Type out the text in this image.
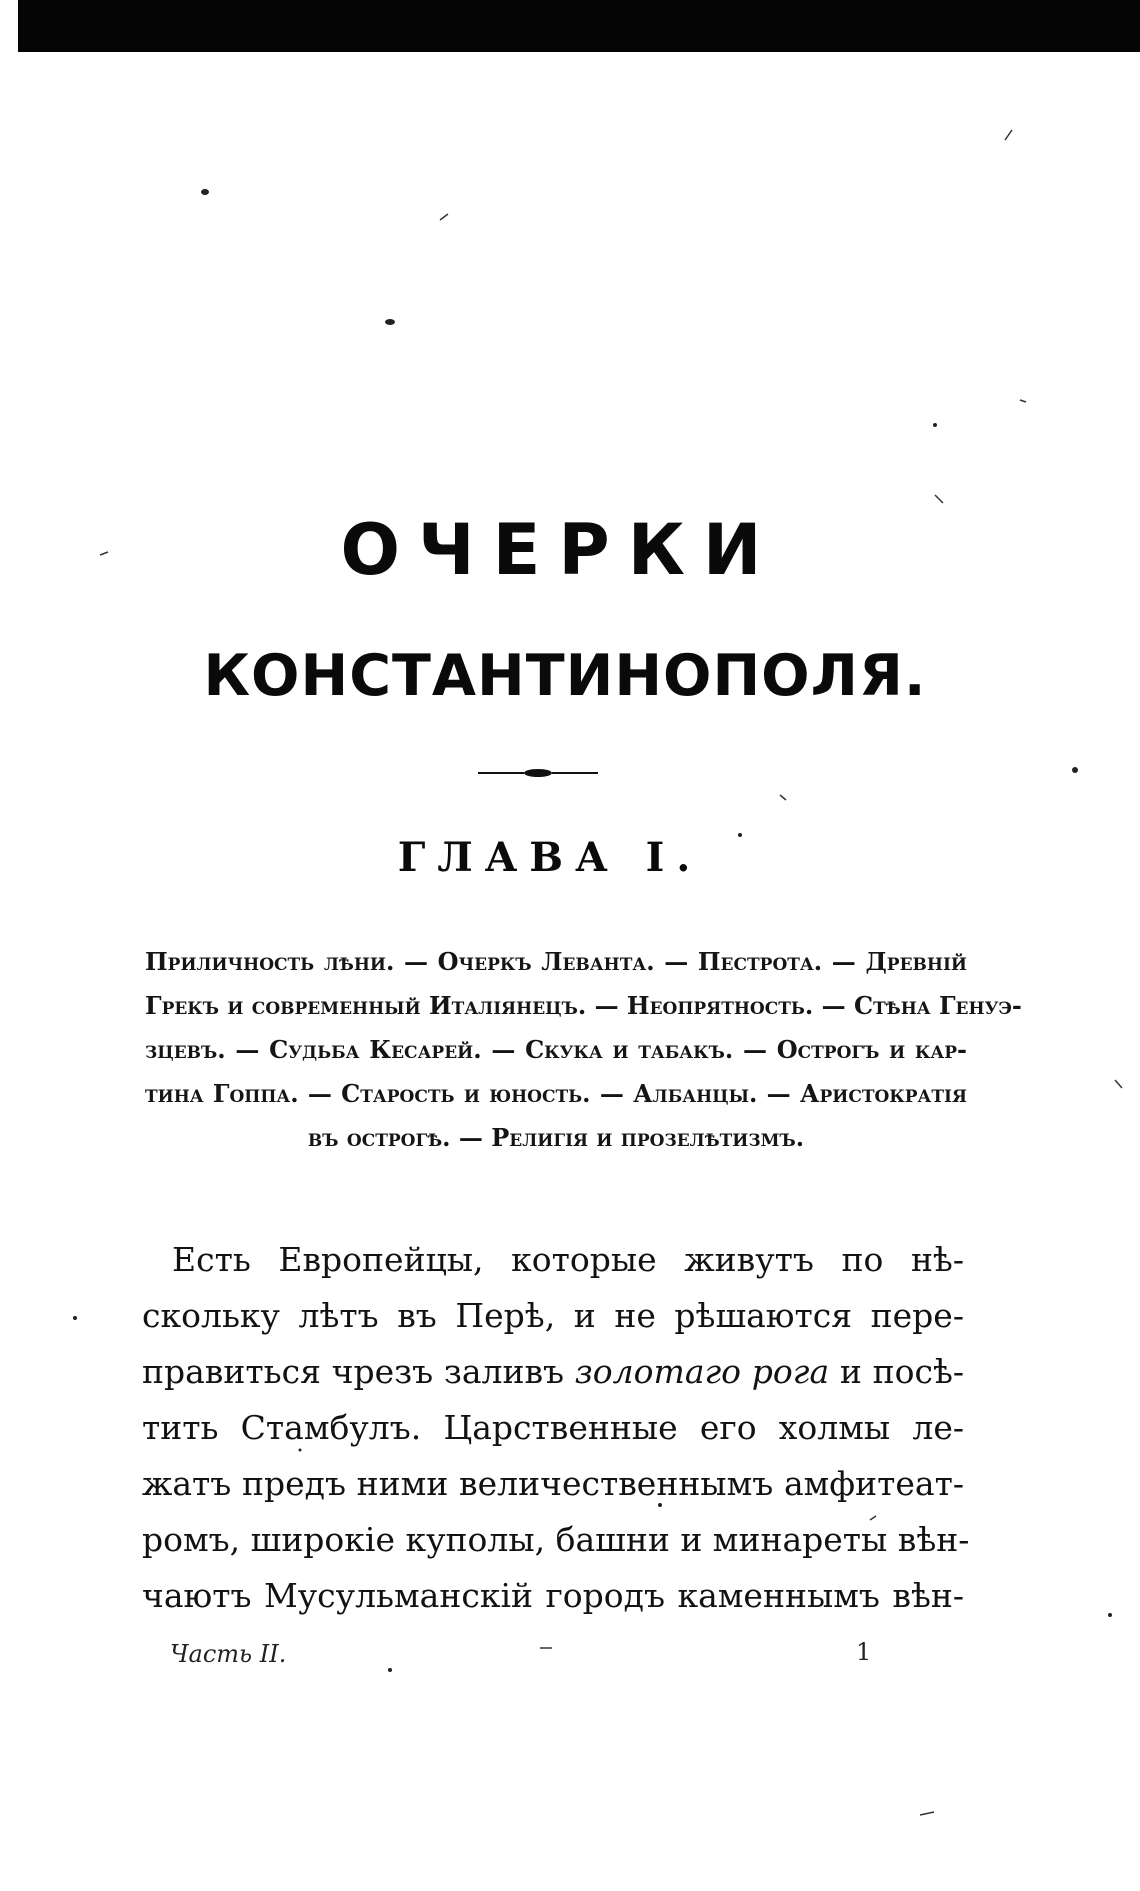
ОЧЕРКИ
КОНСТАНТИНОПОЛЯ.
ГЛАВА I.
Приличность лѣни. — Очеркъ Леванта. — Пестрота. — Древній
Грекъ и современный Италіянецъ. — Неопрятность. — Стѣна Генуэ-
зцевъ. — Судьба Кесарей. — Скука и табакъ. — Острогъ и кар-
тина Гоппа. — Старость и юность. — Албанцы. — Аристократія
въ острогѣ. — Религія и прозелѣтизмъ.
Есть Европейцы, которые живутъ по нѣ-
скольку лѣтъ въ Перѣ, и не рѣшаются пере-
правиться чрезъ заливъ золотаго рога и посѣ-
тить Стамбулъ. Царственные его холмы ле-
жатъ предъ ними величественнымъ амфитеат-
ромъ, широкіе куполы, башни и минареты вѣн-
чаютъ Мусульманскій городъ каменнымъ вѣн-
Часть II.	1
